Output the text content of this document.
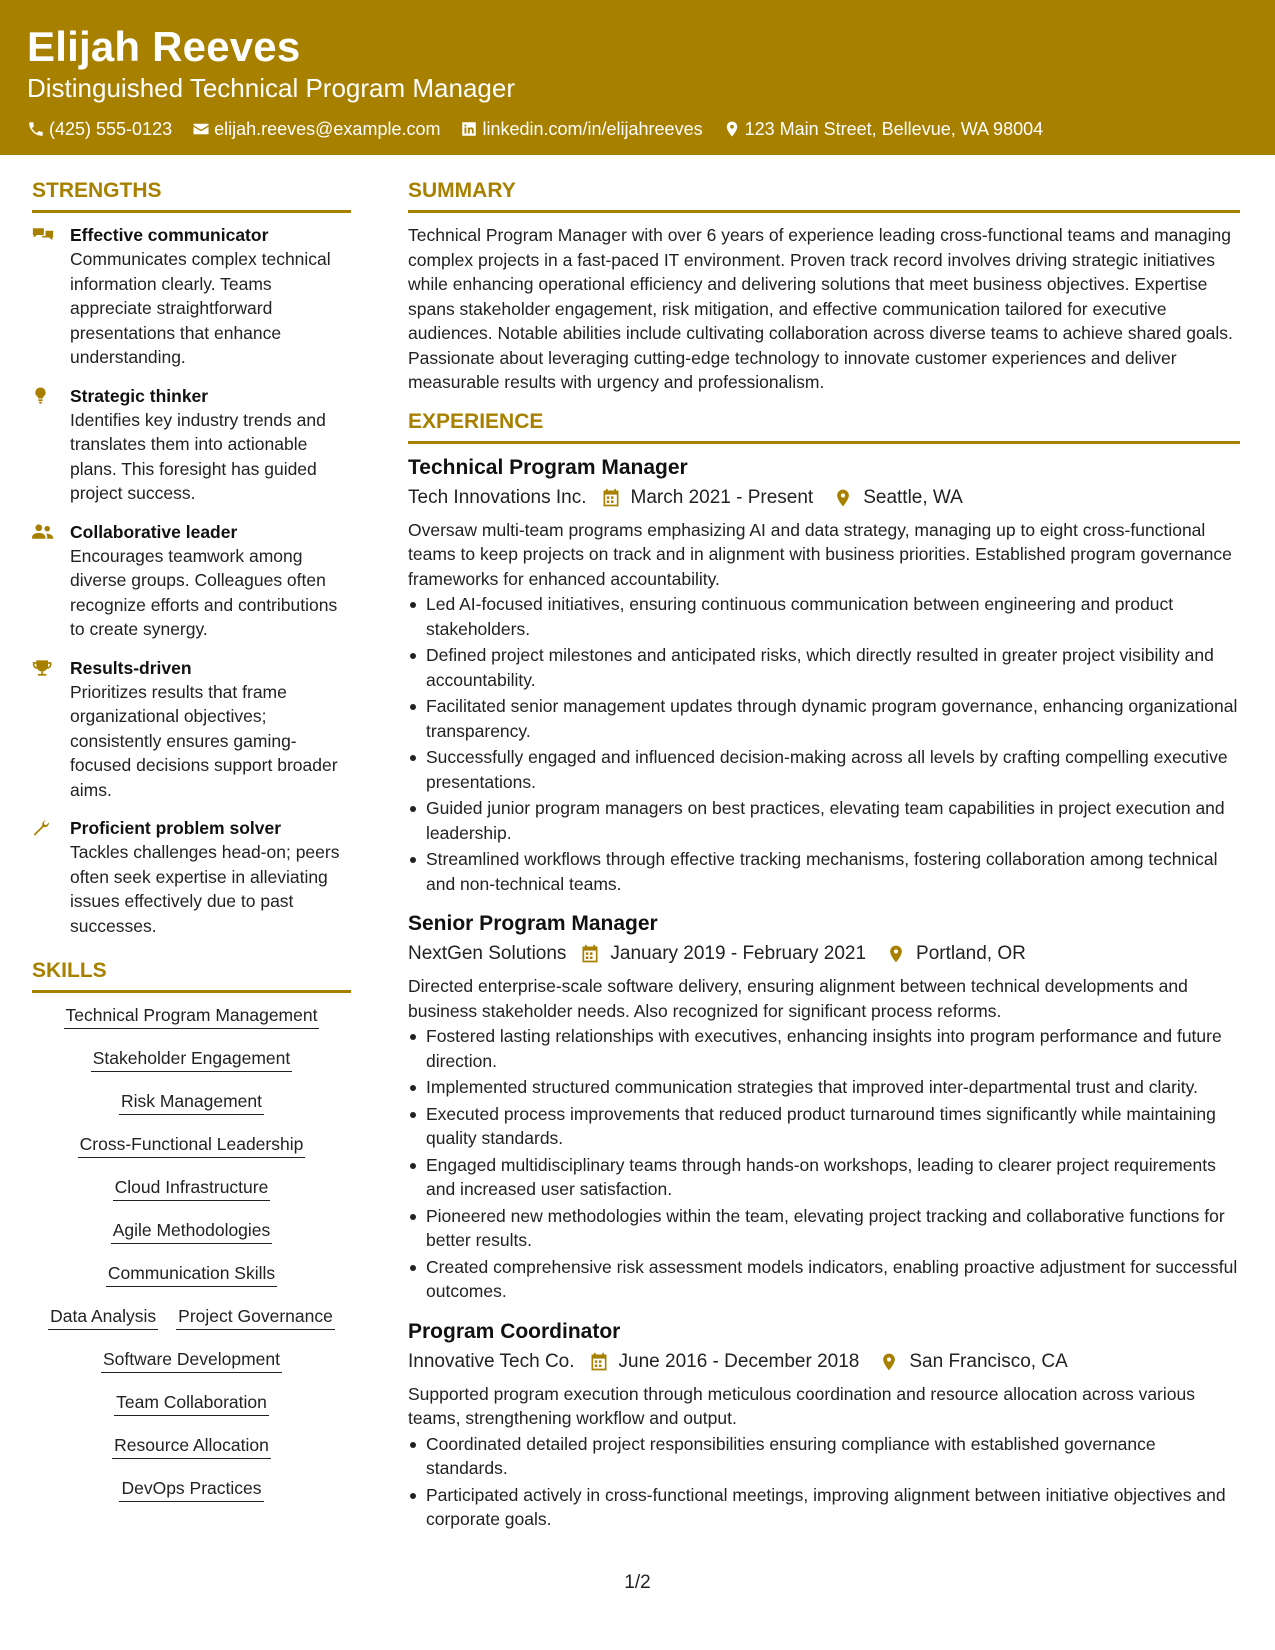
Elijah Reeves
Distinguished Technical Program Manager
(425) 555-0123 elijah.reeves@example.com linkedin.com/in/elijahreeves 123 Main Street, Bellevue, WA 98004
STRENGTHS
Effective communicator
Communicates complex technical information clearly. Teams appreciate straightforward presentations that enhance understanding.
Strategic thinker
Identifies key industry trends and translates them into actionable plans. This foresight has guided project success.
Collaborative leader
Encourages teamwork among diverse groups. Colleagues often recognize efforts and contributions to create synergy.
Results-driven
Prioritizes results that frame organizational objectives; consistently ensures gaming-focused decisions support broader aims.
Proficient problem solver
Tackles challenges head-on; peers often seek expertise in alleviating issues effectively due to past successes.
SKILLS
Technical Program Management
Stakeholder Engagement
Risk Management
Cross-Functional Leadership
Cloud Infrastructure
Agile Methodologies
Communication Skills
Data Analysis Project Governance
Software Development
Team Collaboration
Resource Allocation
DevOps Practices
SUMMARY

Technical Program Manager with over 6 years of experience leading cross-functional teams and managing complex projects in a fast-paced IT environment. Proven track record involves driving strategic initiatives while enhancing operational efficiency and delivering solutions that meet business objectives. Expertise spans stakeholder engagement, risk mitigation, and effective communication tailored for executive audiences. Notable abilities include cultivating collaboration across diverse teams to achieve shared goals. Passionate about leveraging cutting-edge technology to innovate customer experiences and deliver measurable results with urgency and professionalism.

EXPERIENCE
Technical Program Manager
Tech Innovations Inc. March 2021 - Present	Seattle, WA

Oversaw multi-team programs emphasizing AI and data strategy, managing up to eight cross-functional teams to keep projects on track and in alignment with business priorities. Established program governance frameworks for enhanced accountability.

Led AI-focused initiatives, ensuring continuous communication between engineering and product stakeholders.
Defined project milestones and anticipated risks, which directly resulted in greater project visibility and accountability.
Facilitated senior management updates through dynamic program governance, enhancing organizational transparency.
Successfully engaged and influenced decision-making across all levels by crafting compelling executive presentations.
Guided junior program managers on best practices, elevating team capabilities in project execution and leadership.
Streamlined workflows through effective tracking mechanisms, fostering collaboration among technical and non-technical teams.
Senior Program Manager
NextGen Solutions January 2019 - February 2021	Portland, OR

Directed enterprise-scale software delivery, ensuring alignment between technical developments and business stakeholder needs. Also recognized for significant process reforms.

Fostered lasting relationships with executives, enhancing insights into program performance and future direction.
Implemented structured communication strategies that improved inter-departmental trust and clarity.
Executed process improvements that reduced product turnaround times significantly while maintaining quality standards.
Engaged multidisciplinary teams through hands-on workshops, leading to clearer project requirements and increased user satisfaction.
Pioneered new methodologies within the team, elevating project tracking and collaborative functions for better results.
Created comprehensive risk assessment models indicators, enabling proactive adjustment for successful outcomes.
Program Coordinator
Innovative Tech Co. June 2016 - December 2018	San Francisco, CA

Supported program execution through meticulous coordination and resource allocation across various teams, strengthening workflow and output.

Coordinated detailed project responsibilities ensuring compliance with established governance standards.
Participated actively in cross-functional meetings, improving alignment between initiative objectives and corporate goals.
1/2
